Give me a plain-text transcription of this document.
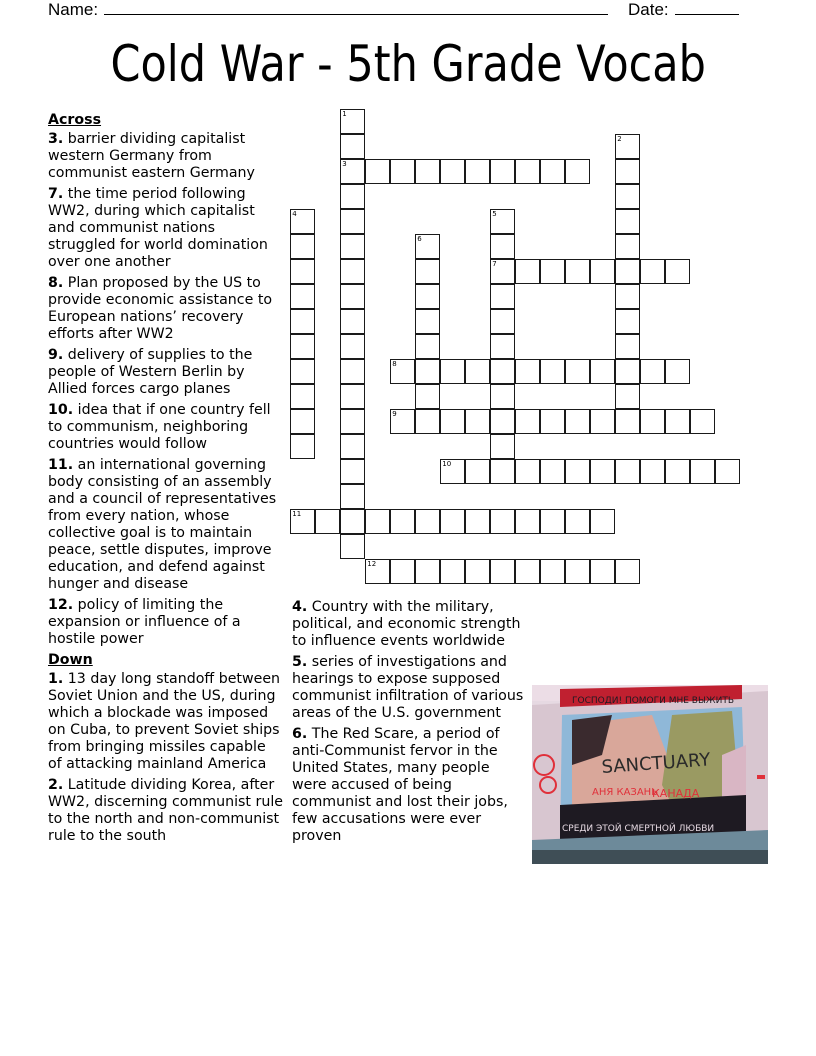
Name:	Date:
Cold War - 5th Grade Vocab
Across
3. barrier dividing capitalist western Germany from communist eastern Germany
7. the time period following WW2, during which capitalist and communist nations struggled for world domination over one another
8. Plan proposed by the US to provide economic assistance to European nations’ recovery efforts after WW2
9. delivery of supplies to the people of Western Berlin by Allied forces cargo planes
10. idea that if one country fell to communism, neighboring countries would follow
11. an international governing body consisting of an assembly and a council of representatives from every nation, whose collective goal is to maintain peace, settle disputes, improve education, and defend against hunger and disease
12. policy of limiting the expansion or influence of a hostile power
Down
1. 13 day long standoff between Soviet Union and the US, during which a blockade was imposed on Cuba, to prevent Soviet ships from bringing missiles capable of attacking mainland America
2. Latitude dividing Korea, after WW2, discerning communist rule to the north and non-communist rule to the south
4. Country with the military, political, and economic strength to influence events worldwide
5. series of investigations and hearings to expose supposed communist infiltration of various areas of the U.S. government
6. The Red Scare, a period of anti-Communist fervor in the United States, many people were accused of being communist and lost their jobs, few accusations were ever proven
1
3
2
4	5
7
6
8
9
10
11
12
ГОСПОДИ! ПОМОГИ МНЕ ВЫЖИТЬ
SANCTUARY
АНЯ КАЗАНЬ
КАНАДА
СРЕДИ ЭТОЙ СМЕРТНОЙ ЛЮБВИ
